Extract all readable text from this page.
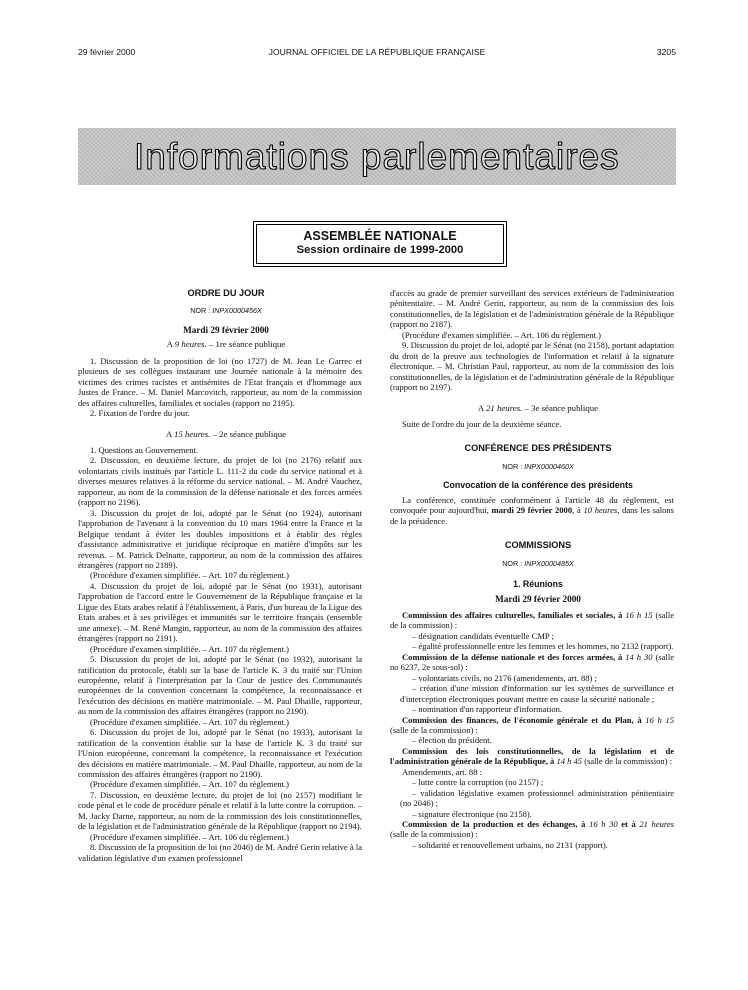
29 février 2000	JOURNAL OFFICIEL DE LA RÉPUBLIQUE FRANÇAISE	3205
Informations parlementaires
ASSEMBLÉE NATIONALE
Session ordinaire de 1999-2000

ORDRE DU JOUR

NOR : INPX0000456X

Mardi 29 février 2000

A 9 heures. – 1re séance publique

1. Discussion de la proposition de loi (no 1727) de M. Jean Le Garrec et plusieurs de ses collègues instaurant une Journée nationale à la mémoire des victimes des crimes racistes et antisémites de l'Etat français et d'hommage aux Justes de France. – M. Daniel Marcovitch, rapporteur, au nom de la commission des affaires culturelles, familiales et sociales (rapport no 2195).

2. Fixation de l'ordre du jour.

A 15 heures. – 2e séance publique

1. Questions au Gouvernement.

2. Discussion, en deuxième lecture, du projet de loi (no 2176) relatif aux volontariats civils institués par l'article L. 111-2 du code du service national et à diverses mesures relatives à la réforme du service national. – M. André Vauchez, rapporteur, au nom de la commission de la défense nationale et des forces armées (rapport no 2196).

3. Discussion du projet de loi, adopté par le Sénat (no 1924), autorisant l'approbation de l'avenant à la convention du 10 mars 1964 entre la France et la Belgique tendant à éviter les doubles impositions et à établir des règles d'assistance administrative et juridique réciproque en matière d'impôts sur les revenus. – M. Patrick Delnatte, rapporteur, au nom de la commission des affaires étrangères (rapport no 2189).

(Procédure d'examen simplifiée. – Art. 107 du règlement.)

4. Discussion du projet de loi, adopté par le Sénat (no 1931), autorisant l'approbation de l'accord entre le Gouvernement de la République française et la Ligue des Etats arabes relatif à l'établissement, à Paris, d'un bureau de la Ligue des Etats arabes et à ses privilèges et immunités sur le territoire français (ensemble une annexe). – M. René Mangin, rapporteur, au nom de la commission des affaires étrangères (rapport no 2191).

(Procédure d'examen simplifiée. – Art. 107 du règlement.)

5. Discussion du projet de loi, adopté par le Sénat (no 1932), autorisant la ratification du protocole, établi sur la base de l'article K. 3 du traité sur l'Union européenne, relatif à l'interprétation par la Cour de justice des Communautés européennes de la convention concernant la compétence, la reconnaissance et l'exécution des décisions en matière matrimoniale. – M. Paul Dhaille, rapporteur, au nom de la commission des affaires étrangères (rapport no 2190).

(Procédure d'examen simplifiée. – Art. 107 du règlement.)

6. Discussion du projet de loi, adopté par le Sénat (no 1933), autorisant la ratification de la convention établie sur la base de l'article K. 3 du traité sur l'Union européenne, concernant la compétence, la reconnaissance et l'exécution des décisions en matière matrimoniale. – M. Paul Dhaille, rapporteur, au nom de la commission des affaires étrangères (rapport no 2190).

(Procédure d'examen simplifiée. – Art. 107 du règlement.)

7. Discussion, en deuxième lecture, du projet de loi (no 2157) modifiant le code pénal et le code de procédure pénale et relatif à la lutte contre la corruption. – M. Jacky Darne, rapporteur, au nom de la commission des lois constitutionnelles, de la législation et de l'administration générale de la République (rapport no 2194).

(Procédure d'examen simplifiée. – Art. 106 du règlement.)

8. Discussion de la proposition de loi (no 2046) de M. André Gerin relative à la validation législative d'un examen professionnel

d'accès au grade de premier surveillant des services extérieurs de l'administration pénitentiaire. – M. André Gerin, rapporteur, au nom de la commission des lois constitutionnelles, de la législation et de l'administration générale de la République (rapport no 2187).

(Procédure d'examen simplifiée. – Art. 106 du règlement.)

9. Discussion du projet de loi, adopté par le Sénat (no 2158), portant adaptation du droit de la preuve aux technologies de l'information et relatif à la signature électronique. – M. Christian Paul, rapporteur, au nom de la commission des lois constitutionnelles, de la législation et de l'administration générale de la République (rapport no 2197).

A 21 heures. – 3e séance publique

Suite de l'ordre du jour de la deuxième séance.

CONFÉRENCE DES PRÉSIDENTS

NOR : INPX0000460X

Convocation de la conférence des présidents

La conférence, constituée conformément à l'article 48 du règlement, est convoquée pour aujourd'hui, mardi 29 février 2000, à 10 heures, dans les salons de la présidence.

COMMISSIONS

NOR : INPX0000485X

1. Réunions

Mardi 29 février 2000

Commission des affaires culturelles, familiales et sociales, à 16 h 15 (salle de la commission) :

– désignation candidats éventuelle CMP ;

– égalité professionnelle entre les femmes et les hommes, no 2132 (rapport).

Commission de la défense nationale et des forces armées, à 14 h 30 (salle no 6237, 2e sous-sol) :

– volontariats civils, no 2176 (amendements, art. 88) ;

– création d'une mission d'information sur les systèmes de surveillance et d'interception électroniques pouvant mettre en cause la sécurité nationale ;

– nomination d'un rapporteur d'information.

Commission des finances, de l'économie générale et du Plan, à 16 h 15 (salle de la commission) :

– élection du président.

Commission des lois constitutionnelles, de la législation et de l'administration générale de la République, à 14 h 45 (salle de la commission) :

Amendements, art. 88 :

– lutte contre la corruption (no 2157) ;

– validation législative examen professionnel administration pénitentiaire (no 2046) ;

– signature électronique (no 2158).

Commission de la production et des échanges, à 16 h 30 et à 21 heures (salle de la commission) :

– solidarité et renouvellement urbains, no 2131 (rapport).
